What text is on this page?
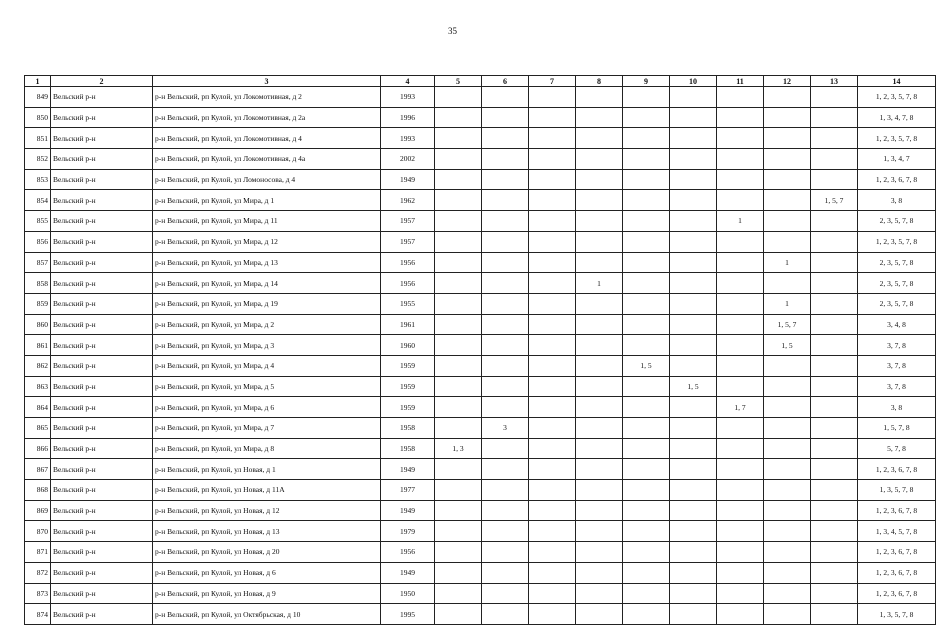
35
1	2	3	4	5	6	7	8	9	10	11	12	13	14
849	Вельский р-н	р-н Вельский, рп Кулой, ул Локомотивная, д 2	1993										1, 2, 3, 5, 7, 8
850	Вельский р-н	р-н Вельский, рп Кулой, ул Локомотивная, д 2а	1996										1, 3, 4, 7, 8
851	Вельский р-н	р-н Вельский, рп Кулой, ул Локомотивная, д 4	1993										1, 2, 3, 5, 7, 8
852	Вельский р-н	р-н Вельский, рп Кулой, ул Локомотивная, д 4а	2002										1, 3, 4, 7
853	Вельский р-н	р-н Вельский, рп Кулой, ул Ломоносова, д 4	1949										1, 2, 3, 6, 7, 8
854	Вельский р-н	р-н Вельский, рп Кулой, ул Мира, д 1	1962									1, 5, 7	3, 8
855	Вельский р-н	р-н Вельский, рп Кулой, ул Мира, д 11	1957							1			2, 3, 5, 7, 8
856	Вельский р-н	р-н Вельский, рп Кулой, ул Мира, д 12	1957										1, 2, 3, 5, 7, 8
857	Вельский р-н	р-н Вельский, рп Кулой, ул Мира, д 13	1956								1		2, 3, 5, 7, 8
858	Вельский р-н	р-н Вельский, рп Кулой, ул Мира, д 14	1956				1						2, 3, 5, 7, 8
859	Вельский р-н	р-н Вельский, рп Кулой, ул Мира, д 19	1955								1		2, 3, 5, 7, 8
860	Вельский р-н	р-н Вельский, рп Кулой, ул Мира, д 2	1961								1, 5, 7		3, 4, 8
861	Вельский р-н	р-н Вельский, рп Кулой, ул Мира, д 3	1960								1, 5		3, 7, 8
862	Вельский р-н	р-н Вельский, рп Кулой, ул Мира, д 4	1959					1, 5					3, 7, 8
863	Вельский р-н	р-н Вельский, рп Кулой, ул Мира, д 5	1959						1, 5				3, 7, 8
864	Вельский р-н	р-н Вельский, рп Кулой, ул Мира, д 6	1959							1, 7			3, 8
865	Вельский р-н	р-н Вельский, рп Кулой, ул Мира, д 7	1958		3								1, 5, 7, 8
866	Вельский р-н	р-н Вельский, рп Кулой, ул Мира, д 8	1958	1, 3									5, 7, 8
867	Вельский р-н	р-н Вельский, рп Кулой, ул Новая, д 1	1949										1, 2, 3, 6, 7, 8
868	Вельский р-н	р-н Вельский, рп Кулой, ул Новая, д 11А	1977										1, 3, 5, 7, 8
869	Вельский р-н	р-н Вельский, рп Кулой, ул Новая, д 12	1949										1, 2, 3, 6, 7, 8
870	Вельский р-н	р-н Вельский, рп Кулой, ул Новая, д 13	1979										1, 3, 4, 5, 7, 8
871	Вельский р-н	р-н Вельский, рп Кулой, ул Новая, д 20	1956										1, 2, 3, 6, 7, 8
872	Вельский р-н	р-н Вельский, рп Кулой, ул Новая, д 6	1949										1, 2, 3, 6, 7, 8
873	Вельский р-н	р-н Вельский, рп Кулой, ул Новая, д 9	1950										1, 2, 3, 6, 7, 8
874	Вельский р-н	р-н Вельский, рп Кулой, ул Октябрьская, д 10	1995										1, 3, 5, 7, 8
